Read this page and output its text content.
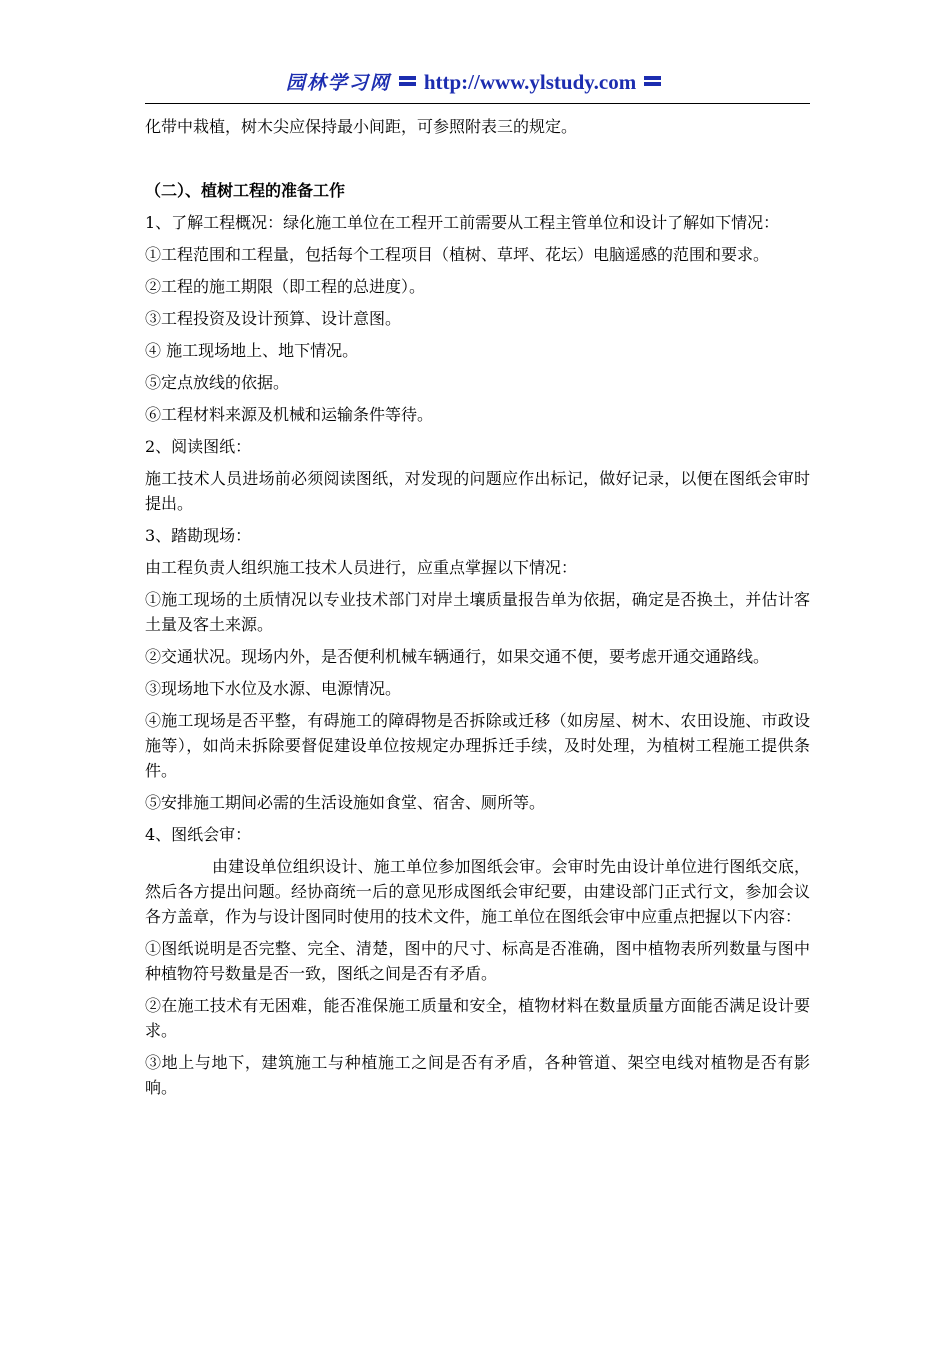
园林学习网 http://www.ylstudy.com

化带中栽植，树木尖应保持最小间距，可参照附表三的规定。

（二）、植树工程的准备工作

1、了解工程概况：绿化施工单位在工程开工前需要从工程主管单位和设计了解如下情况：

①工程范围和工程量，包括每个工程项目（植树、草坪、花坛）电脑遥感的范围和要求。

②工程的施工期限（即工程的总进度）。

③工程投资及设计预算、设计意图。

④ 施工现场地上、地下情况。

⑤定点放线的依据。

⑥工程材料来源及机械和运输条件等待。

2、阅读图纸：

施工技术人员进场前必须阅读图纸，对发现的问题应作出标记，做好记录，以便在图纸会审时提出。

3、踏勘现场：

由工程负责人组织施工技术人员进行，应重点掌握以下情况：

①施工现场的土质情况以专业技术部门对岸土壤质量报告单为依据，确定是否换土，并估计客土量及客土来源。

②交通状况。现场内外，是否便利机械车辆通行，如果交通不便，要考虑开通交通路线。

③现场地下水位及水源、电源情况。

④施工现场是否平整，有碍施工的障碍物是否拆除或迁移（如房屋、树木、农田设施、市政设施等），如尚未拆除要督促建设单位按规定办理拆迁手续，及时处理，为植树工程施工提供条件。

⑤安排施工期间必需的生活设施如食堂、宿舍、厕所等。

4、图纸会审：

由建设单位组织设计、施工单位参加图纸会审。会审时先由设计单位进行图纸交底，然后各方提出问题。经协商统一后的意见形成图纸会审纪要，由建设部门正式行文，参加会议各方盖章，作为与设计图同时使用的技术文件，施工单位在图纸会审中应重点把握以下内容：

①图纸说明是否完整、完全、清楚，图中的尺寸、标高是否准确，图中植物表所列数量与图中种植物符号数量是否一致，图纸之间是否有矛盾。

②在施工技术有无困难，能否准保施工质量和安全，植物材料在数量质量方面能否满足设计要求。

③地上与地下，建筑施工与种植施工之间是否有矛盾，各种管道、架空电线对植物是否有影响。
